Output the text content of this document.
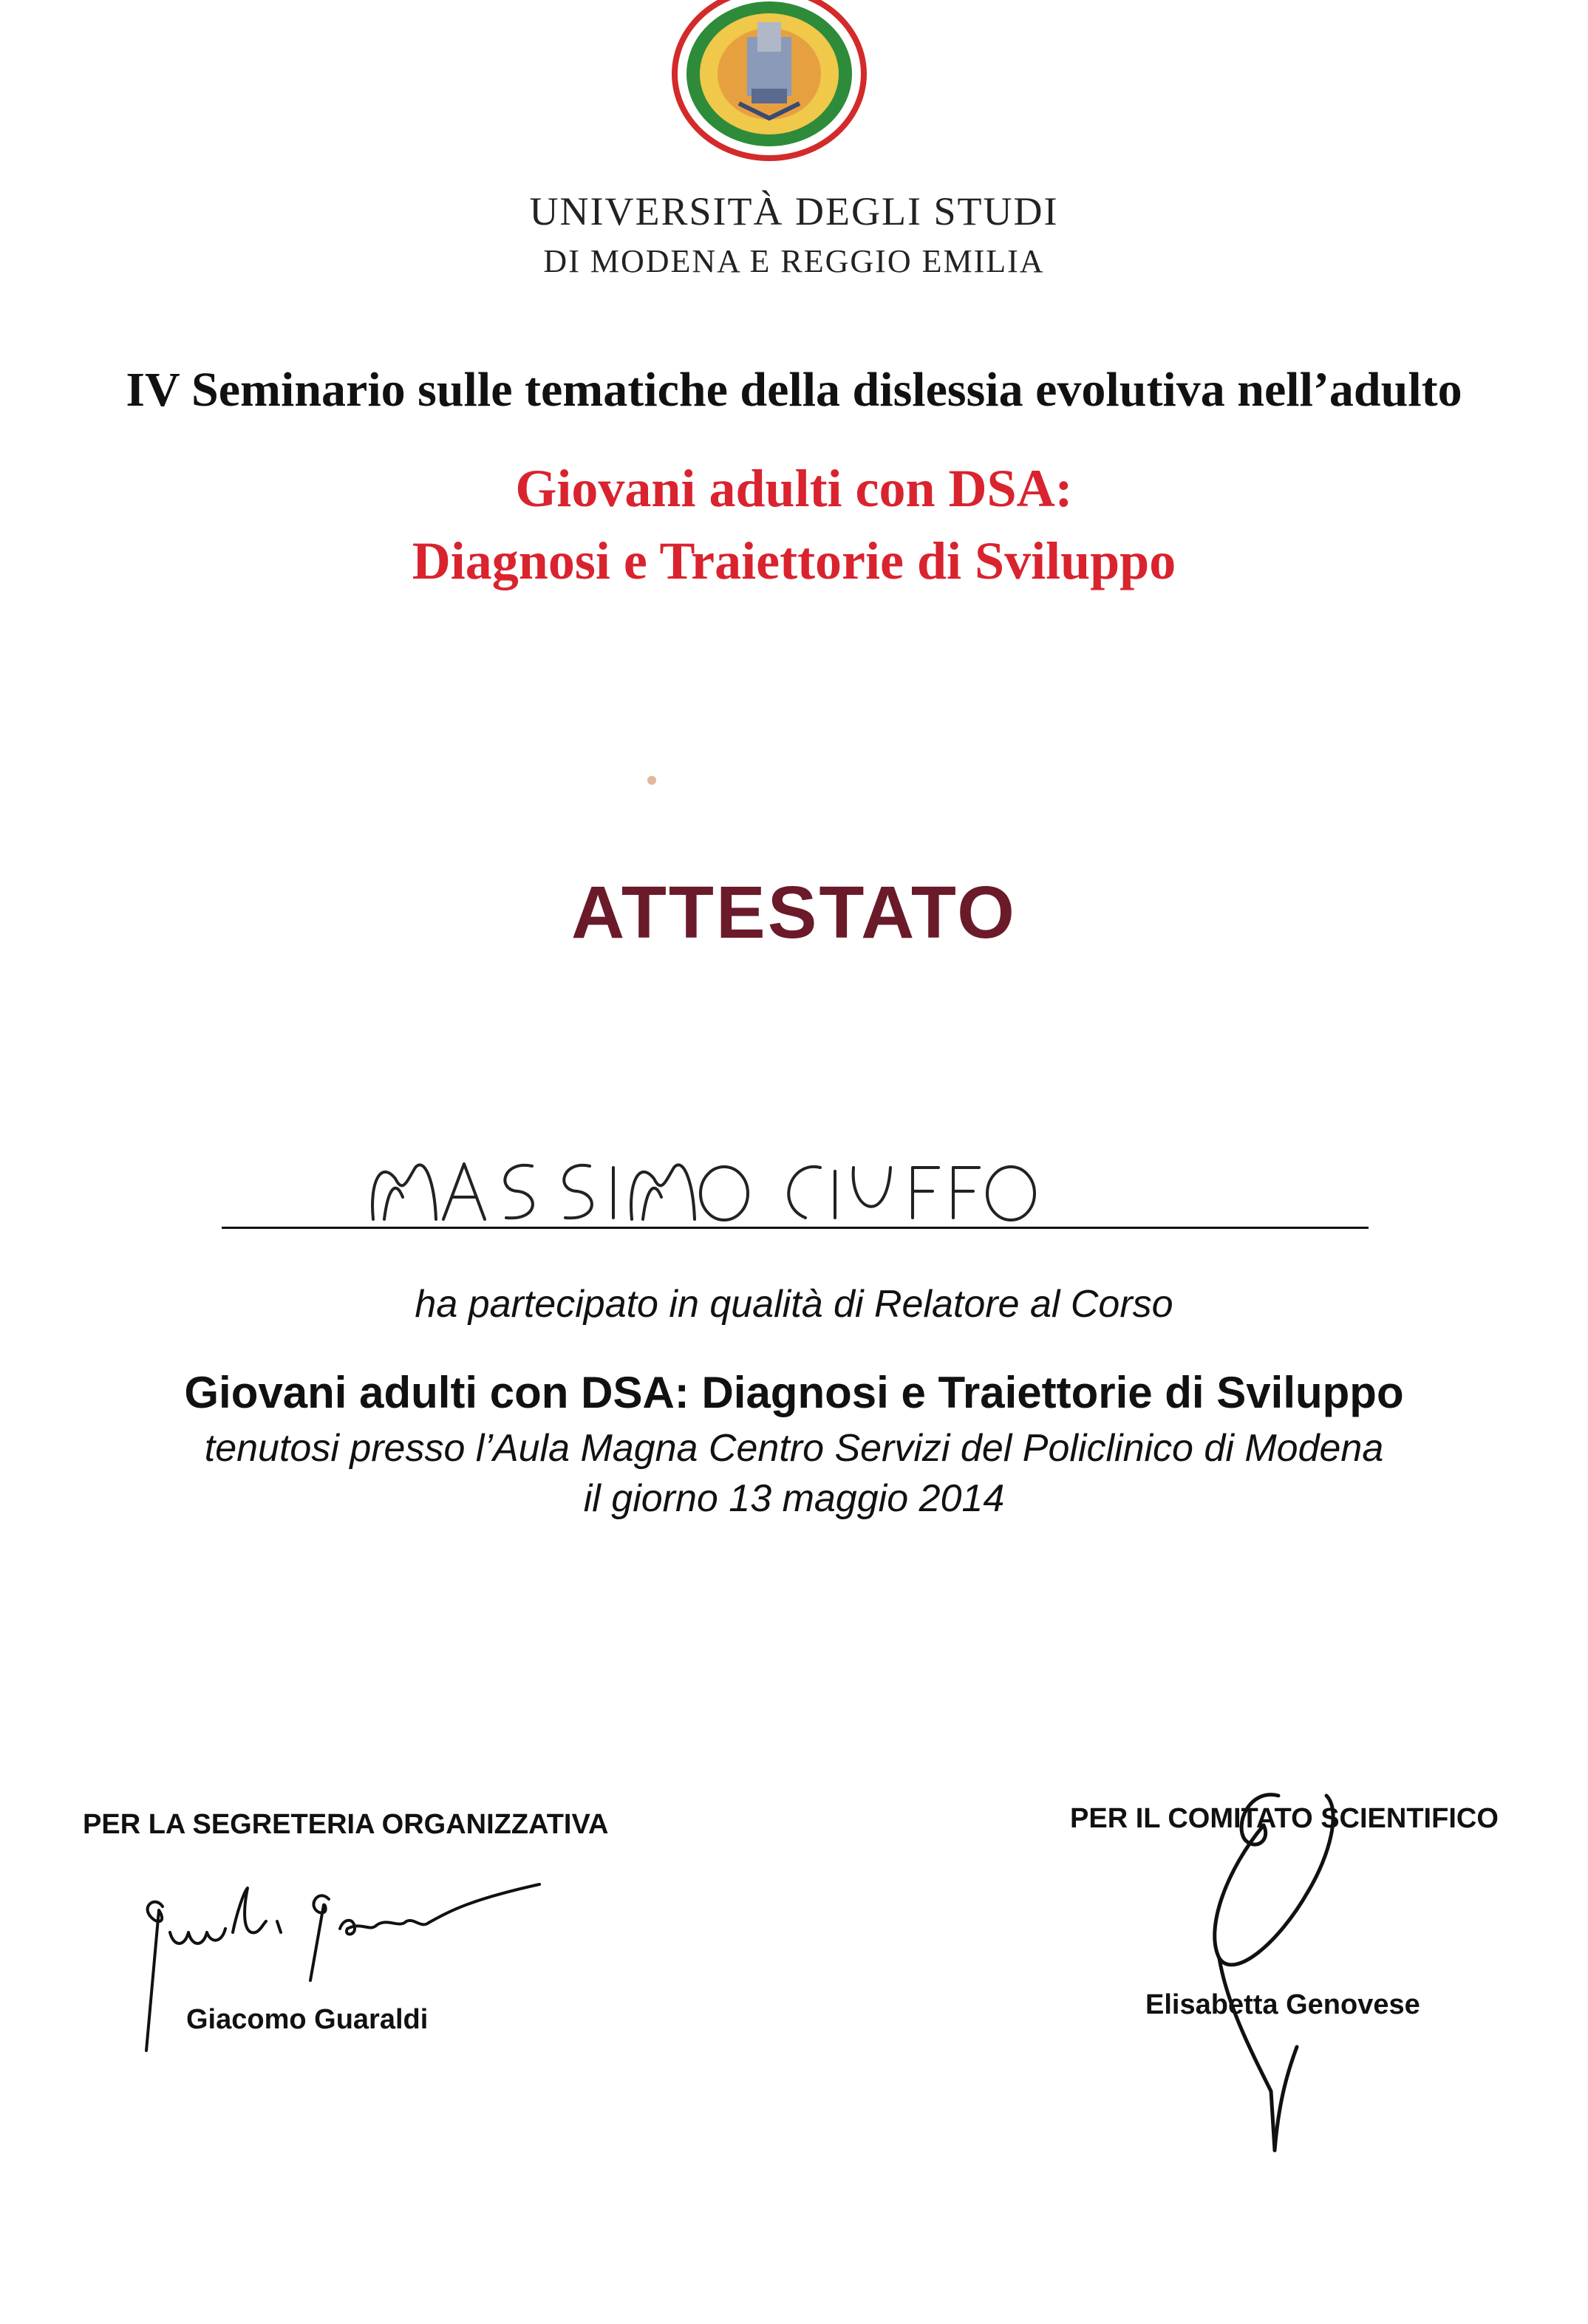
UNIVERSITÀ DEGLI STUDI
DI MODENA E REGGIO EMILIA
IV Seminario sulle tematiche della dislessia evolutiva nell’adulto
Giovani adulti con DSA:
Diagnosi e Traiettorie di Sviluppo
ATTESTATO
MASSIMO CIUFFO
ha partecipato in qualità di Relatore al Corso
Giovani adulti con DSA: Diagnosi e Traiettorie di Sviluppo
tenutosi presso l’Aula Magna Centro Servizi del Policlinico di Modena
il giorno 13 maggio 2014
PER LA SEGRETERIA ORGANIZZATIVA	PER IL COMITATO SCIENTIFICO
Giacomo Guaraldi	Elisabetta Genovese
